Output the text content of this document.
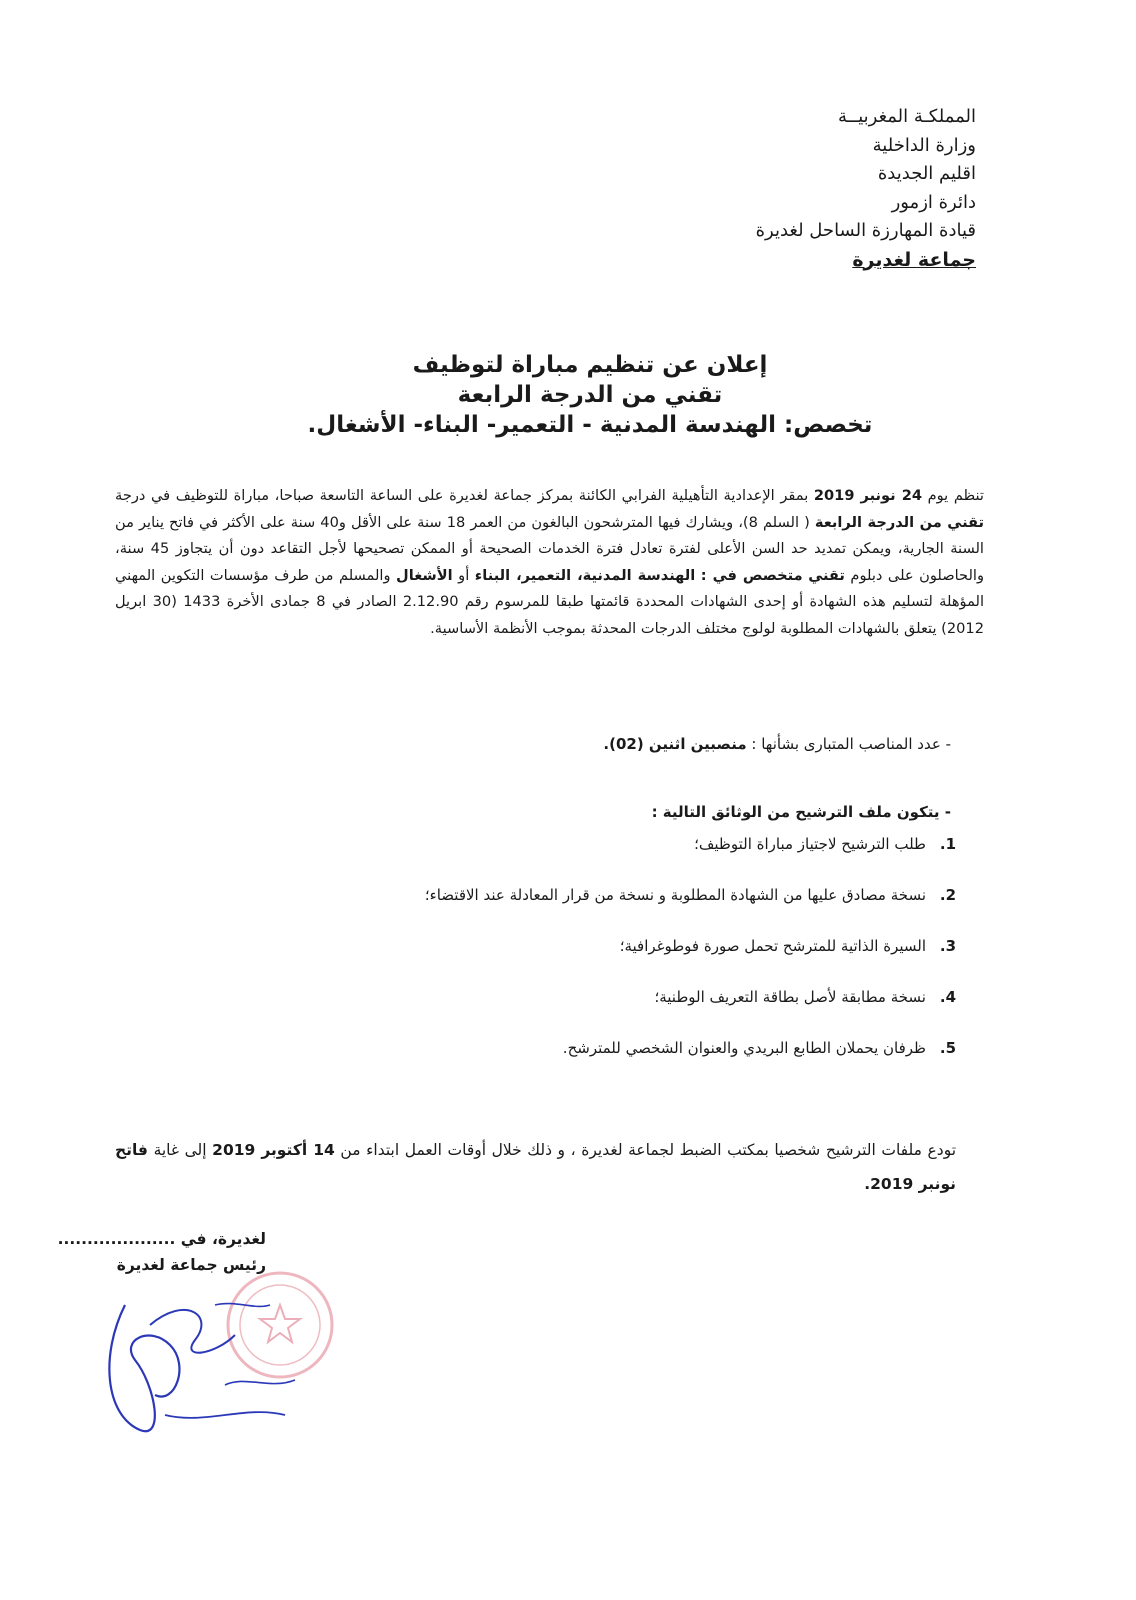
المملكـة المغربيــة
وزارة الداخلية
اقليم الجديدة
دائرة ازمور
قيادة المهارزة الساحل لغديرة
جماعة لغديرة
إعلان عن تنظيم مباراة لتوظيف
تقني من الدرجة الرابعة
تخصص: الهندسة المدنية - التعمير- البناء- الأشغال.
تنظم يوم 24 نونبر 2019 بمقر الإعدادية التأهيلية الفرابي الكائنة بمركز جماعة لغديرة على الساعة التاسعة صباحا، مباراة للتوظيف في درجة تقني من الدرجة الرابعة ( السلم 8)، ويشارك فيها المترشحون البالغون من العمر 18 سنة على الأقل و40 سنة على الأكثر في فاتح يناير من السنة الجارية، ويمكن تمديد حد السن الأعلى لفترة تعادل فترة الخدمات الصحيحة أو الممكن تصحيحها لأجل التقاعد دون أن يتجاوز 45 سنة، والحاصلون على دبلوم تقني متخصص في : الهندسة المدنية، التعمير، البناء أو الأشغال والمسلم من طرف مؤسسات التكوين المهني المؤهلة لتسليم هذه الشهادة أو إحدى الشهادات المحددة قائمتها طبقا للمرسوم رقم 2.12.90 الصادر في 8 جمادى الأخرة 1433 (30 ابريل 2012) يتعلق بالشهادات المطلوبة لولوج مختلف الدرجات المحدثة بموجب الأنظمة الأساسية.
- عدد المناصب المتبارى بشأنها : منصبين اثنين (02).
- يتكون ملف الترشيح من الوثائق التالية :
1.طلب الترشيح لاجتياز مباراة التوظيف؛
2.نسخة مصادق عليها من الشهادة المطلوبة و نسخة من قرار المعادلة عند الاقتضاء؛
3.السيرة الذاتية للمترشح تحمل صورة فوطوغرافية؛
4.نسخة مطابقة لأصل بطاقة التعريف الوطنية؛
5.ظرفان يحملان الطابع البريدي والعنوان الشخصي للمترشح.
تودع ملفات الترشيح شخصيا بمكتب الضبط لجماعة لغديرة ، و ذلك خلال أوقات العمل ابتداء من 14 أكتوبر 2019 إلى غاية فاتح نونبر 2019.
لغديرة، في ....................
رئيس جماعة لغديرة
